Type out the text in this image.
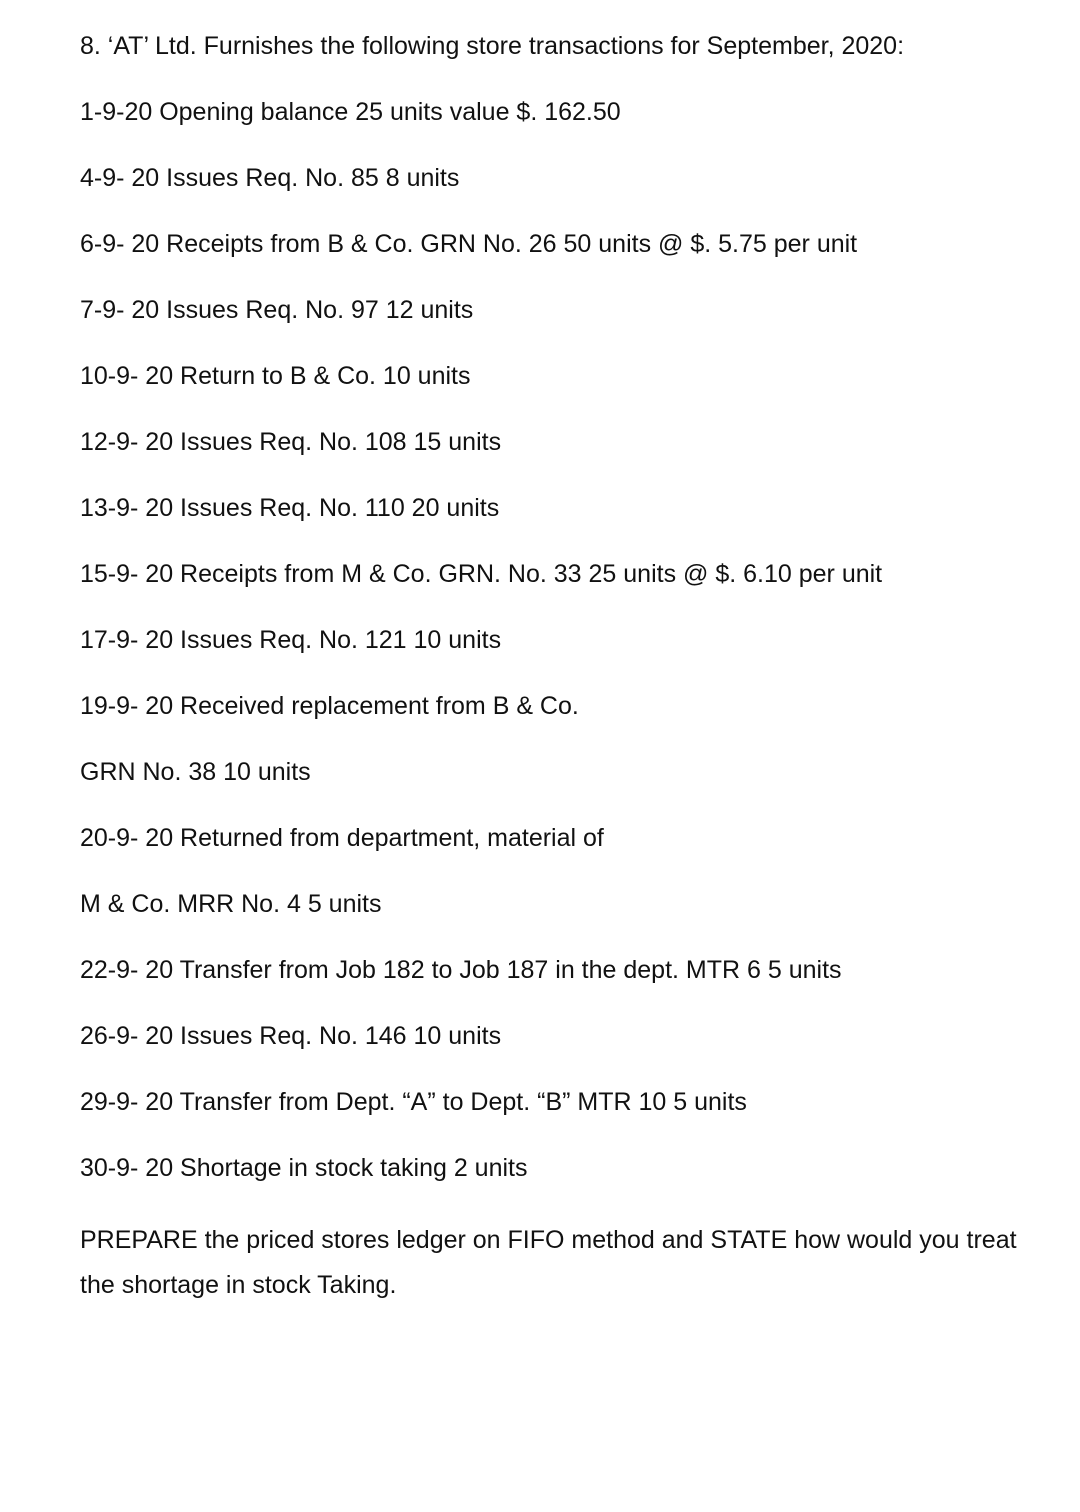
8. ‘AT’ Ltd. Furnishes the following store transactions for September, 2020:
1-9-20 Opening balance 25 units value $. 162.50
4-9- 20 Issues Req. No. 85 8 units
6-9- 20 Receipts from B & Co. GRN No. 26 50 units @ $. 5.75 per unit
7-9- 20 Issues Req. No. 97 12 units
10-9- 20 Return to B & Co. 10 units
12-9- 20 Issues Req. No. 108 15 units
13-9- 20 Issues Req. No. 110 20 units
15-9- 20 Receipts from M & Co. GRN. No. 33 25 units @ $. 6.10 per unit
17-9- 20 Issues Req. No. 121 10 units
19-9- 20 Received replacement from B & Co.
GRN No. 38 10 units
20-9- 20 Returned from department, material of
M & Co. MRR No. 4 5 units
22-9- 20 Transfer from Job 182 to Job 187 in the dept. MTR 6 5 units
26-9- 20 Issues Req. No. 146 10 units
29-9- 20 Transfer from Dept. “A” to Dept. “B” MTR 10 5 units
30-9- 20 Shortage in stock taking 2 units
PREPARE the priced stores ledger on FIFO method and STATE how would you treat the shortage in stock Taking.
